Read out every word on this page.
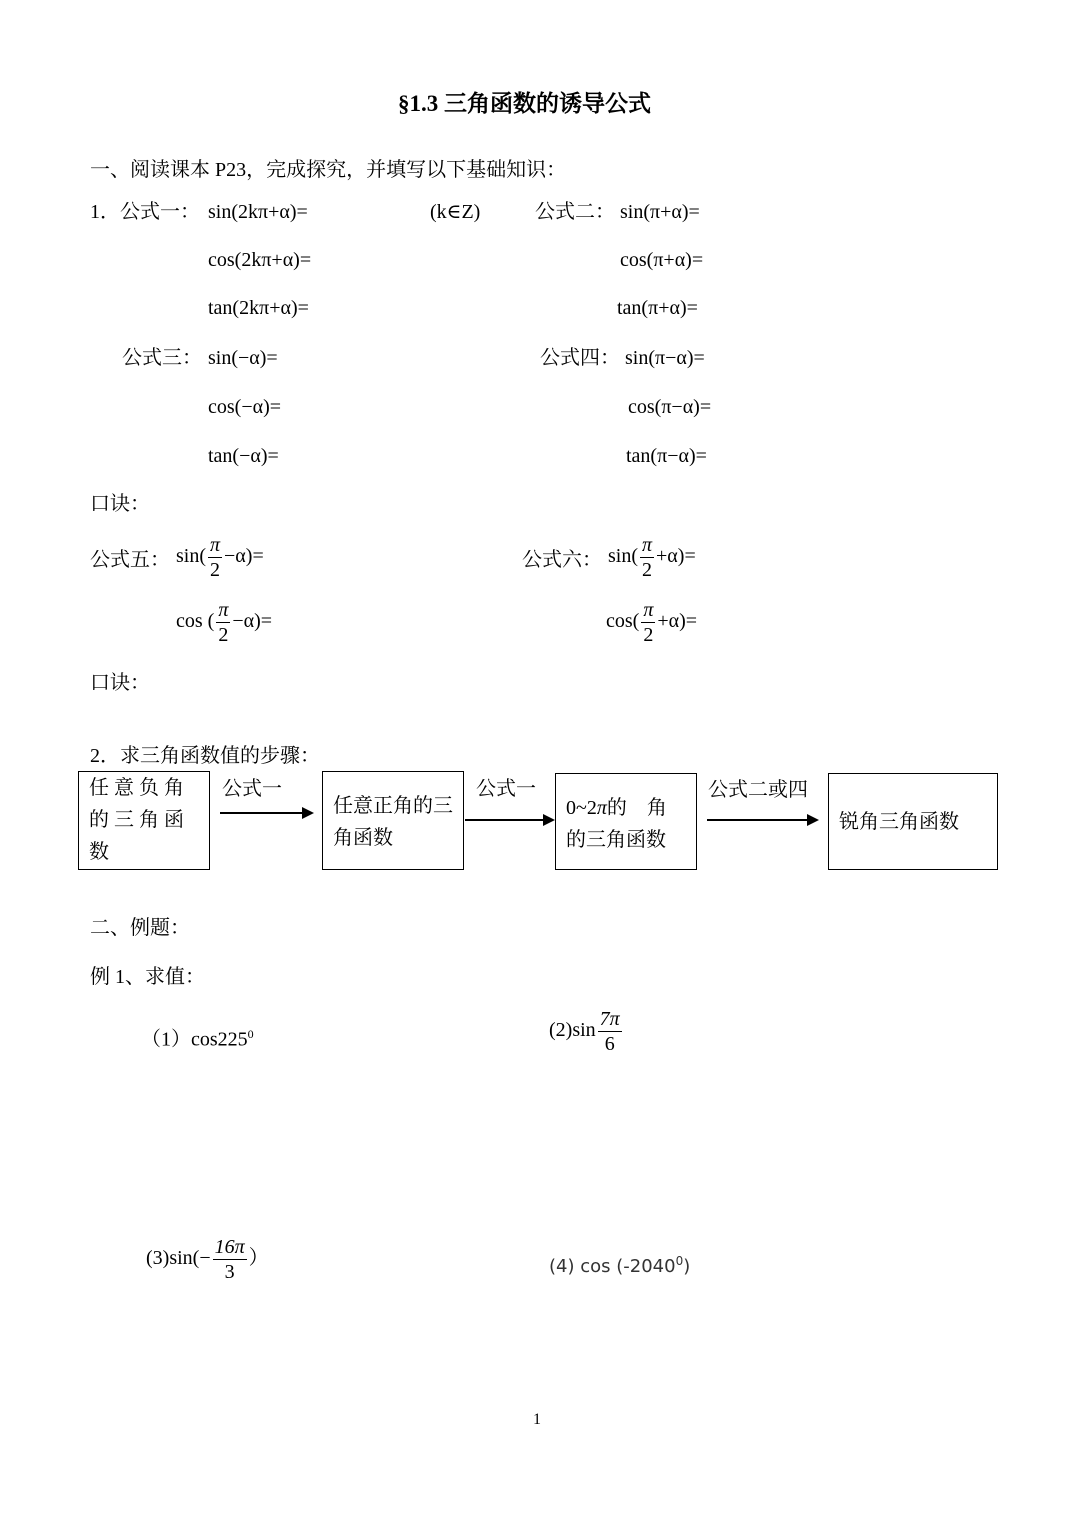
§1.3 三角函数的诱导公式
一、阅读课本 P23，完成探究，并填写以下基础知识：
1．公式一： sin(2kπ+α)=	(k∈Z)
cos(2kπ+α)=
tan(2kπ+α)=
公式二： sin(π+α)=
cos(π+α)=
tan(π+α)=
公式三： sin(−α)=
cos(−α)=
tan(−α)=
公式四： sin(π−α)=
cos(π−α)=
tan(π−α)=
口诀：
公式五： $\sin( \frac{\pi}{2} -\alpha)=$
cos ( $\frac{\pi}{2} -\alpha)=$
公式六： $\sin( \frac{\pi}{2} +\alpha)=$
$\cos( \frac{\pi}{2} +\alpha)=$
口诀：
2．求三角函数值的步骤：
任 意 负 角 的 三 角 函 数
公式一
任意正角的三角函数
公式一
0~2π的　角
的三角函数
公式二或四
锐角三角函数
二、例题：
例 1、求值：
$(1)\cos 225^0$	$(2)\sin \frac{7\pi}{6}$
$(3)\sin(- \frac{16\pi}{3}$ ）	(4) cos (-2040$^0$)
1
